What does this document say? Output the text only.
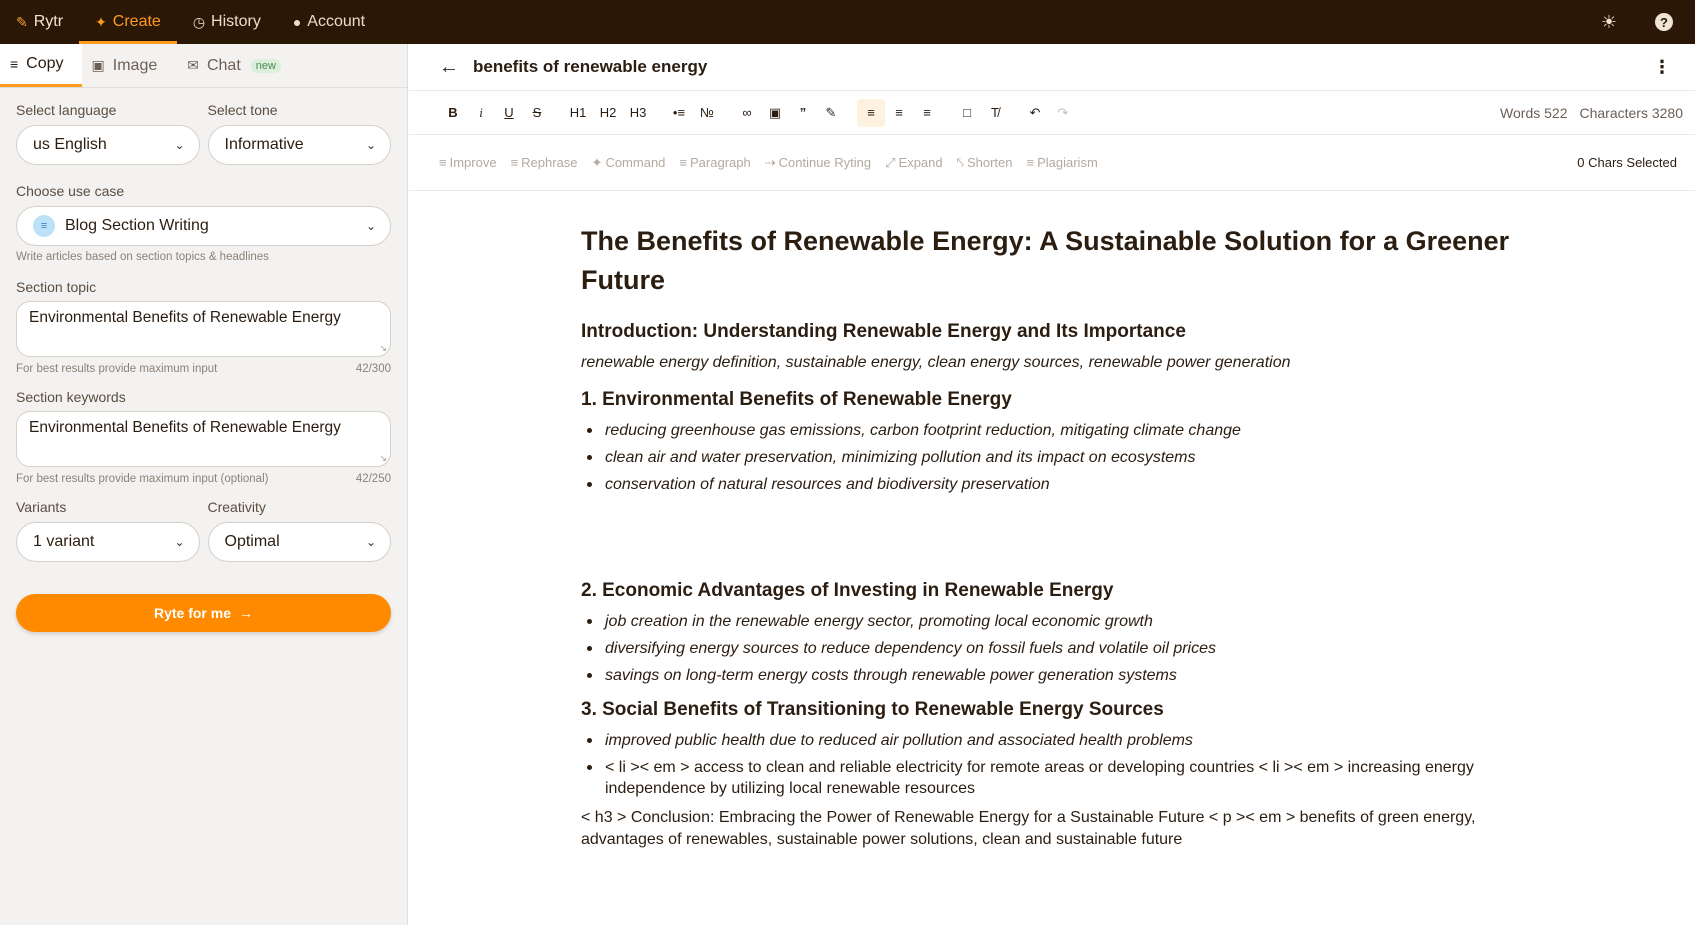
✎ Rytr ✦ Create ◷ History ● Account	☀	?
≡ Copy ▣ Image ✉ Chat	new
Select language
us English	⌄
Select tone
Informative	⌄
Choose use case
≡	Blog Section Writing	⌄
Write articles based on section topics & headlines
Section topic
Environmental Benefits of Renewable Energy
↘
For best results provide maximum input	42/300
Section keywords
Environmental Benefits of Renewable Energy
↘
For best results provide maximum input (optional)	42/250
Variants
1 variant	⌄
Creativity
Optimal	⌄
Ryte for me →
← benefits of renewable energy	⋮
B	i	U	S	H1	H2	H3	•≡	№	∞	▣	”	✎	≡	≡	≡	□	T̸	↶	↷	Words 522 Characters 3280
≡ Improve ≡ Rephrase ✦ Command ≡ Paragraph ⇢ Continue Ryting ⤢ Expand ⤣ Shorten ≡ Plagiarism	0 Chars Selected
The Benefits of Renewable Energy: A Sustainable Solution for a Greener Future
Introduction: Understanding Renewable Energy and Its Importance
renewable energy definition, sustainable energy, clean energy sources, renewable power generation
1. Environmental Benefits of Renewable Energy
reducing greenhouse gas emissions, carbon footprint reduction, mitigating climate change
clean air and water preservation, minimizing pollution and its impact on ecosystems
conservation of natural resources and biodiversity preservation
2. Economic Advantages of Investing in Renewable Energy
job creation in the renewable energy sector, promoting local economic growth
diversifying energy sources to reduce dependency on fossil fuels and volatile oil prices
savings on long-term energy costs through renewable power generation systems
3. Social Benefits of Transitioning to Renewable Energy Sources
improved public health due to reduced air pollution and associated health problems
< li >< em > access to clean and reliable electricity for remote areas or developing countries < li >< em > increasing energy independence by utilizing local renewable resources

< h3 > Conclusion: Embracing the Power of Renewable Energy for a Sustainable Future < p >< em > benefits of green energy, advantages of renewables, sustainable power solutions, clean and sustainable future
